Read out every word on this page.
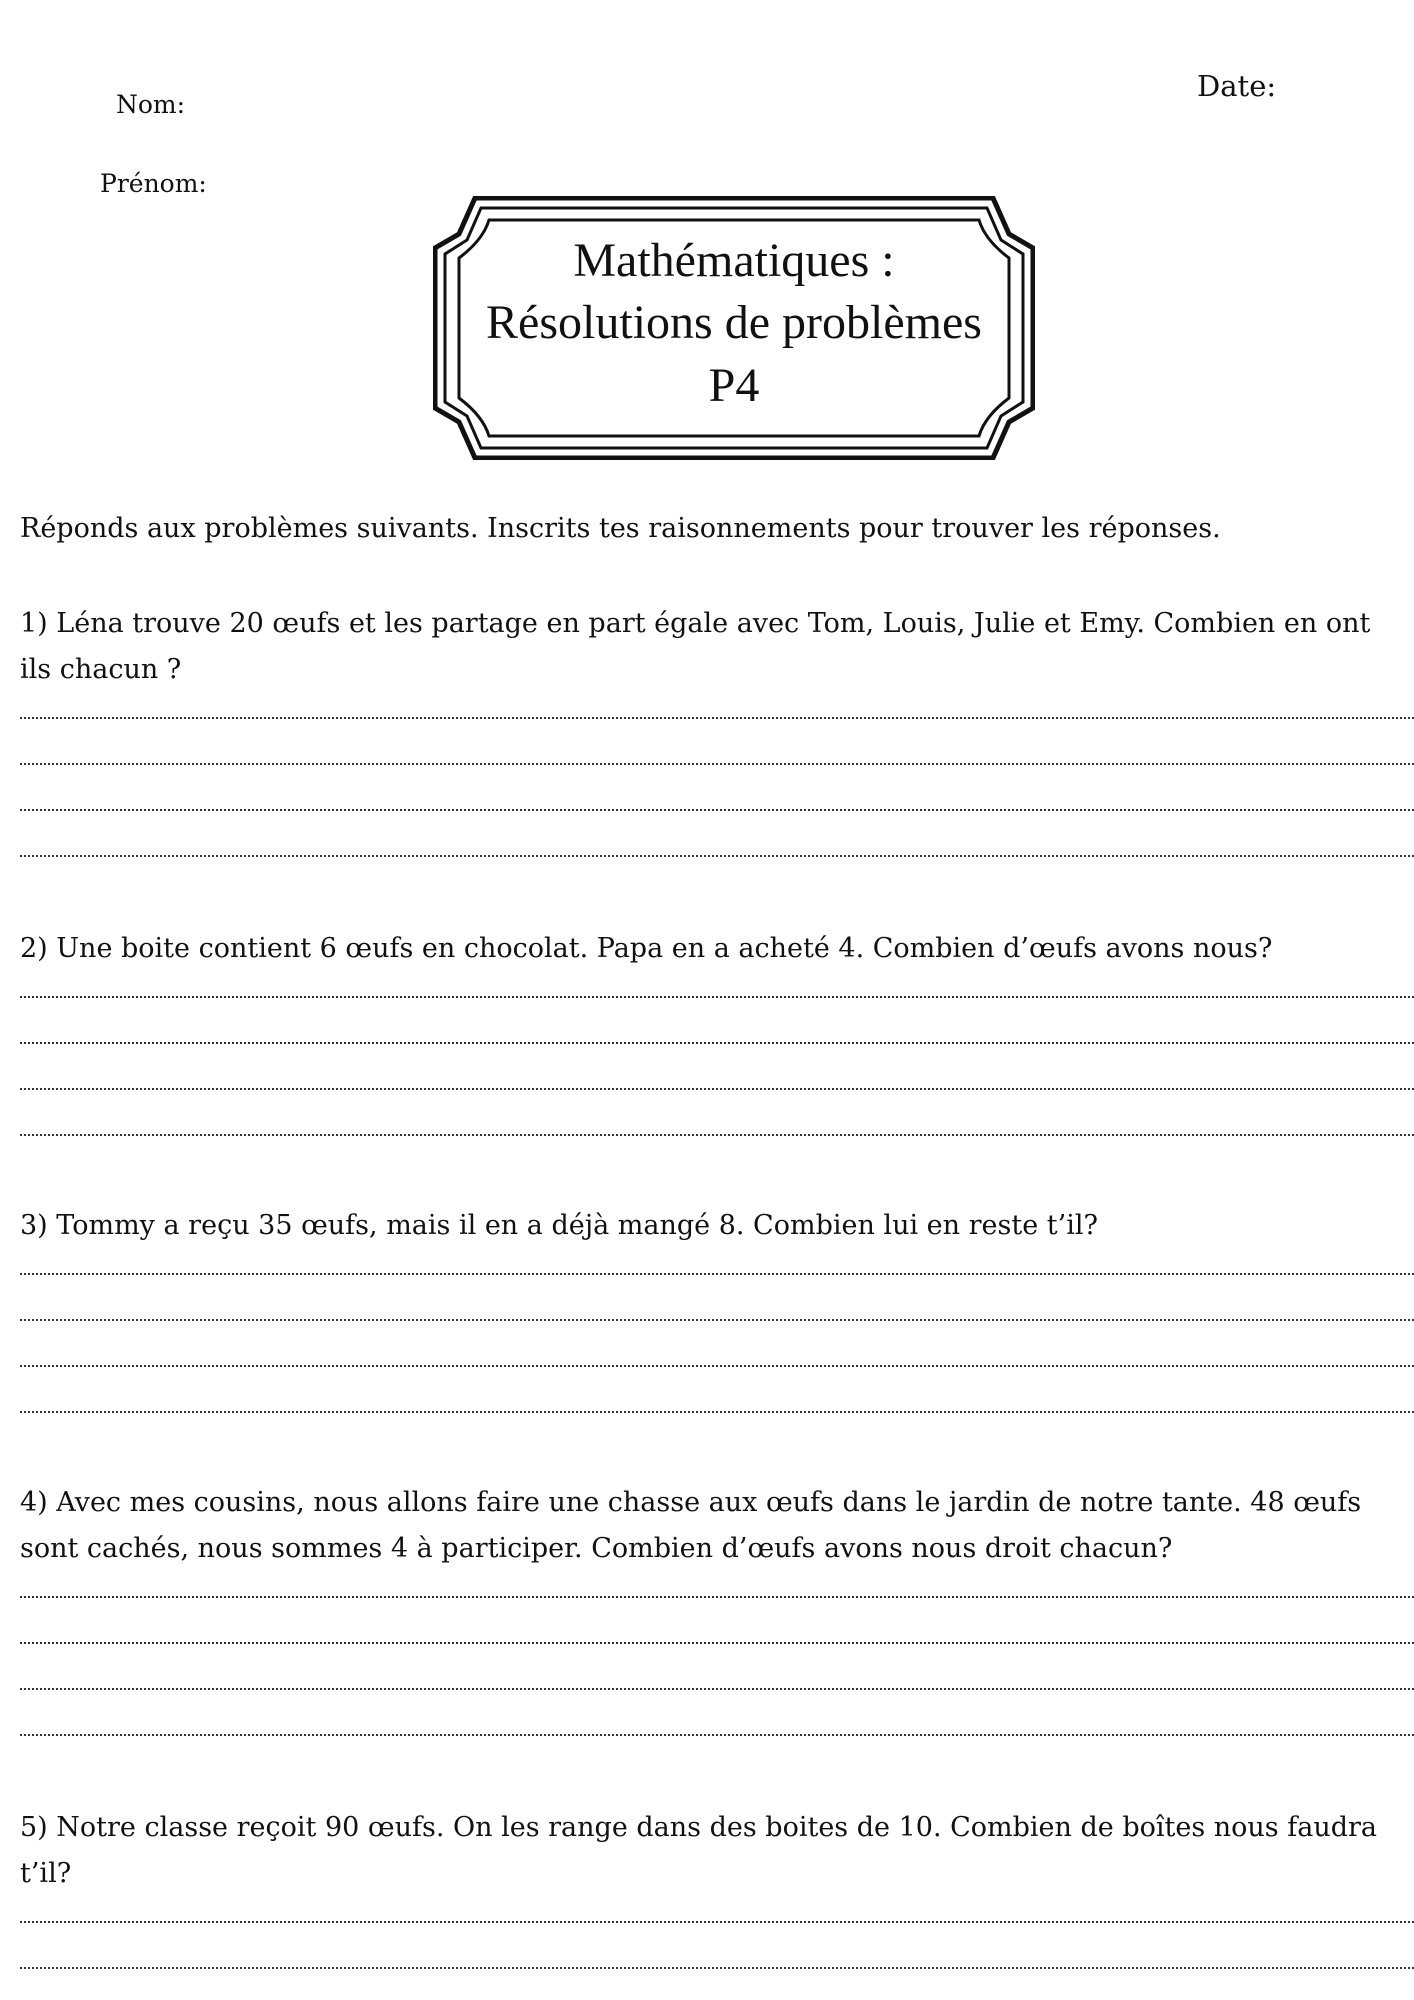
Nom:
Prénom:
Date:
Mathématiques :
Résolutions de problèmes
P4
Réponds aux problèmes suivants. Inscrits tes raisonnements pour trouver les réponses.

1) Léna trouve 20 œufs et les partage en part égale avec Tom, Louis, Julie et Emy. Combien en ont ils chacun ?

2) Une boite contient 6 œufs en chocolat. Papa en a acheté 4. Combien d’œufs avons nous?

3) Tommy a reçu 35 œufs, mais il en a déjà mangé 8. Combien lui en reste t’il?

4) Avec mes cousins, nous allons faire une chasse aux œufs dans le jardin de notre tante. 48 œufs sont cachés, nous sommes 4 à participer. Combien d’œufs avons nous droit chacun?

5) Notre classe reçoit 90 œufs. On les range dans des boites de 10. Combien de boîtes nous faudra t’il?
